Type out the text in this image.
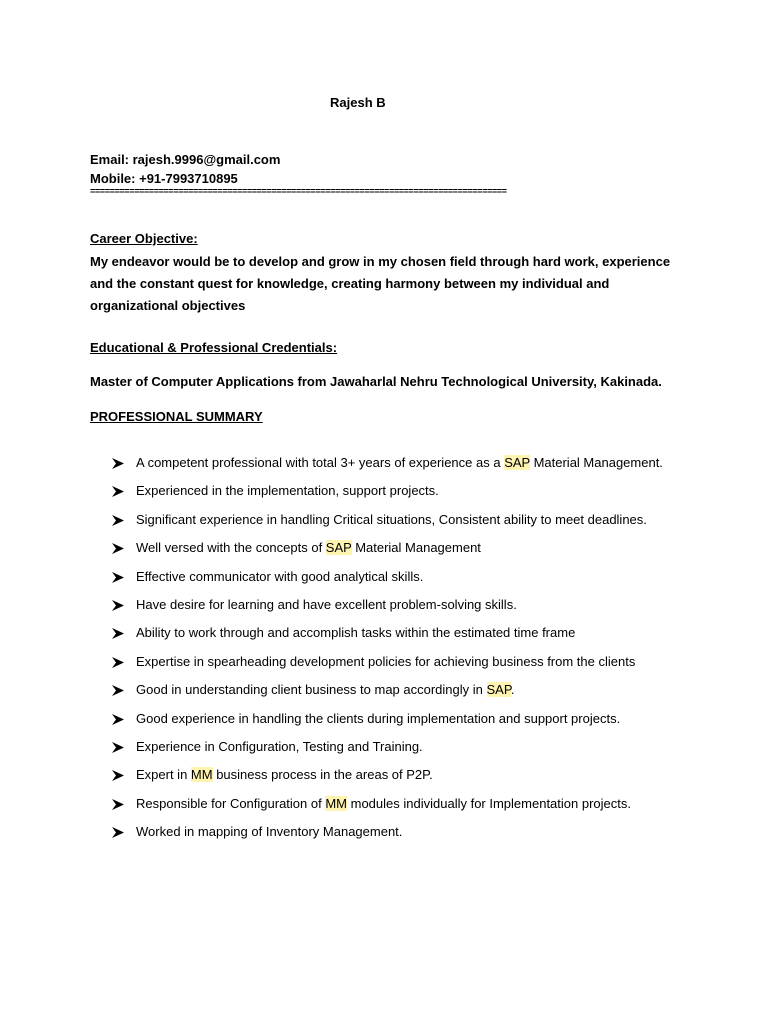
Rajesh B
Email: rajesh.9996@gmail.com
Mobile: +91-7993710895
=====================================================================================
Career Objective:
My endeavor would be to develop and grow in my chosen field through hard work, experience and the constant quest for knowledge, creating harmony between my individual and organizational objectives
Educational & Professional Credentials:
Master of Computer Applications from Jawaharlal Nehru Technological University, Kakinada.
PROFESSIONAL SUMMARY
A competent professional with total 3+ years of experience as a SAP Material Management.
Experienced in the implementation, support projects.
Significant experience in handling Critical situations, Consistent ability to meet deadlines.
Well versed with the concepts of SAP Material Management
Effective communicator with good analytical skills.
Have desire for learning and have excellent problem-solving skills.
Ability to work through and accomplish tasks within the estimated time frame
Expertise in spearheading development policies for achieving business from the clients
Good in understanding client business to map accordingly in SAP.
Good experience in handling the clients during implementation and support projects.
Experience in Configuration, Testing and Training.
Expert in MM business process in the areas of P2P.
Responsible for Configuration of MM modules individually for Implementation projects.
Worked in mapping of Inventory Management.
